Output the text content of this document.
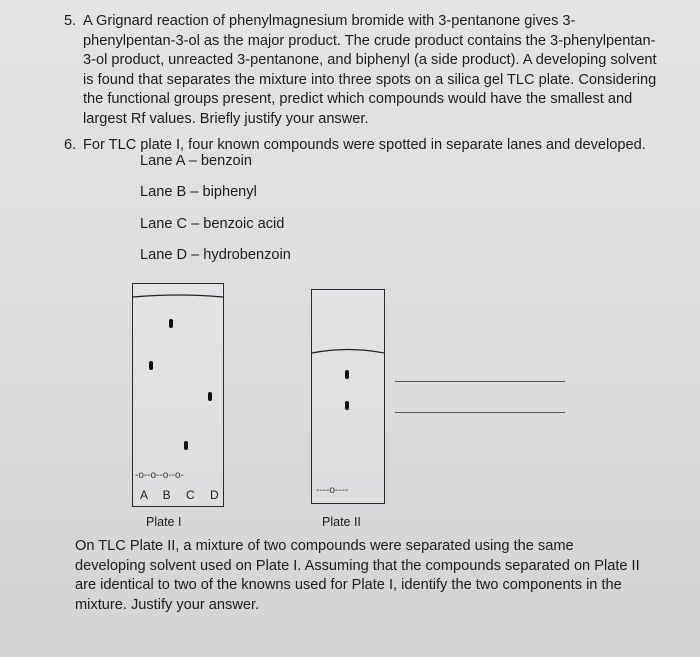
5. A Grignard reaction of phenylmagnesium bromide with 3-pentanone gives 3-
phenylpentan-3-ol as the major product. The crude product contains the 3-phenylpentan-
3-ol product, unreacted 3-pentanone, and biphenyl (a side product). A developing solvent
is found that separates the mixture into three spots on a silica gel TLC plate. Considering
the functional groups present, predict which compounds would have the smallest and
largest Rf values. Briefly justify your answer.
6. For TLC plate I, four known compounds were spotted in separate lanes and developed.
Lane A – benzoin
Lane B – biphenyl
Lane C – benzoic acid
Lane D – hydrobenzoin
-o--o--o--o-
A B C D	----o----
Plate I	Plate II
On TLC Plate II, a mixture of two compounds were separated using the same
developing solvent used on Plate I. Assuming that the compounds separated on Plate II
are identical to two of the knowns used for Plate I, identify the two components in the
mixture. Justify your answer.
